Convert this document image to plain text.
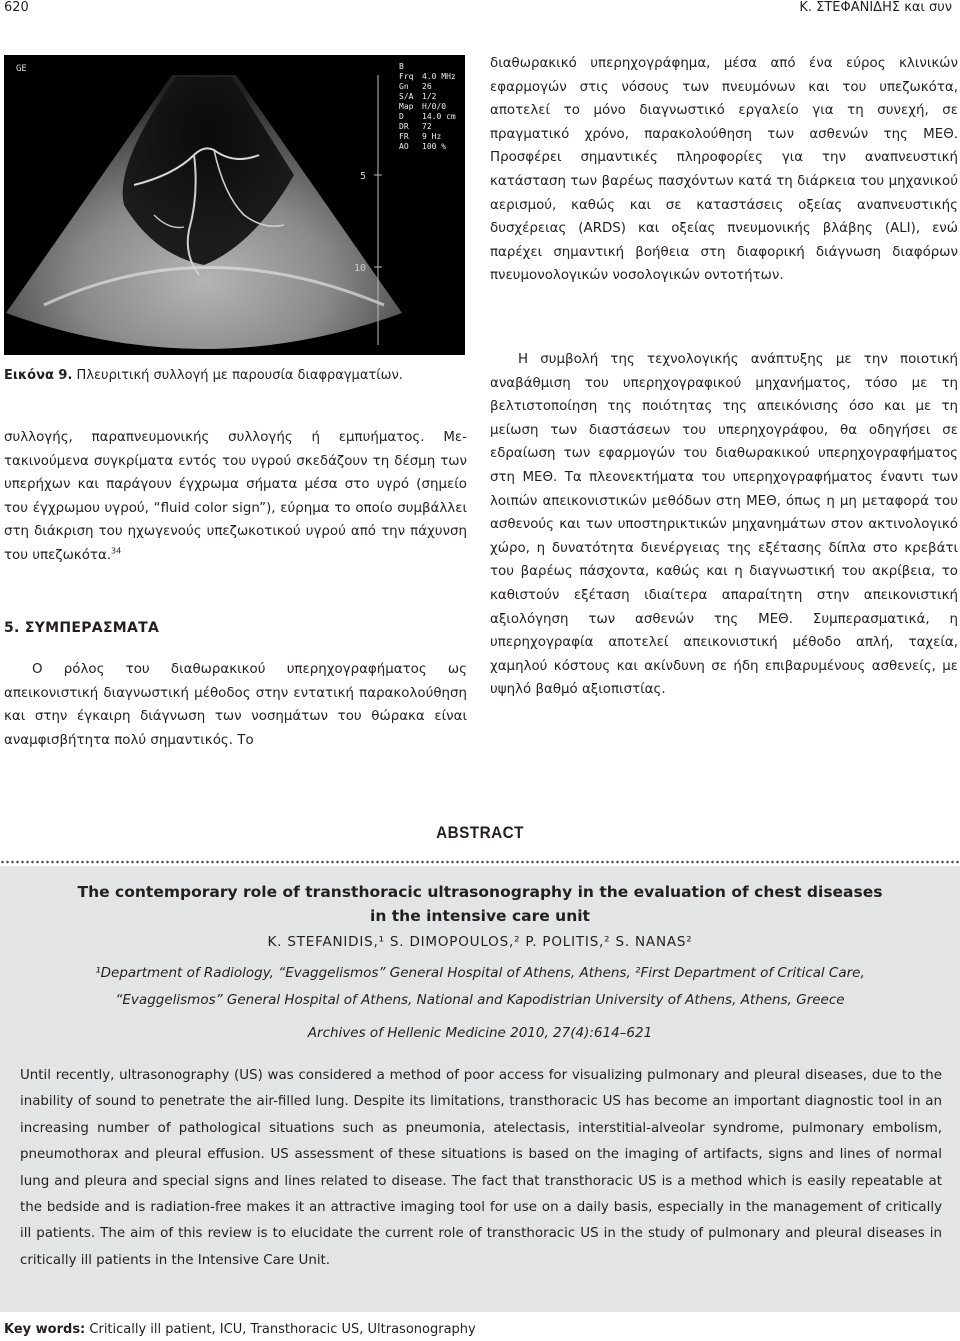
620	Κ. ΣΤΕΦΑΝΙΔΗΣ και συν
GE
5
10
B
Frq
Gn
S/A
Map
D
DR
FR
AO
4.0 MHz
26
1/2
H/0/0
14.0 cm
72
9 Hz
100 %
Εικόνα 9. Πλευριτική συλλογή με παρουσία διαφραγματίων.

συλλογής, παραπνευμονικής συλλογής ή εμπυήματος. Μετακινούμενα συγκρίματα εντός του υγρού σκεδάζουν τη δέσμη των υπερήχων και παράγουν έγχρωμα σήματα μέσα στο υγρό (σημείο του έγχρωμου υγρού, “fluid color sign”), εύρημα το οποίο συμβάλλει στη διάκριση του ηχωγενούς υπεζωκοτικού υγρού από την πάχυνση του υπεζωκότα.$^{34}$

5. ΣΥΜΠΕΡΑΣΜΑΤΑ

Ο ρόλος του διαθωρακικού υπερηχογραφήματος ως απεικονιστική διαγνωστική μέθοδος στην εντατική παρακολούθηση και στην έγκαιρη διάγνωση των νοσημάτων του θώρακα είναι αναμφισβήτητα πολύ σημαντικός. Το

διαθωρακικό υπερηχογράφημα, μέσα από ένα εύρος κλινικών εφαρμογών στις νόσους των πνευμόνων και του υπεζωκότα, αποτελεί το μόνο διαγνωστικό εργαλείο για τη συνεχή, σε πραγματικό χρόνο, παρακολούθηση των ασθενών της ΜΕΘ. Προσφέρει σημαντικές πληροφορίες για την αναπνευστική κατάσταση των βαρέως πασχόντων κατά τη διάρκεια του μηχανικού αερισμού, καθώς και σε καταστάσεις οξείας αναπνευστικής δυσχέρειας (ARDS) και οξείας πνευμονικής βλάβης (ALI), ενώ παρέχει σημαντική βοήθεια στη διαφορική διάγνωση διαφόρων πνευμονολογικών νοσολογικών οντοτήτων.

Η συμβολή της τεχνολογικής ανάπτυξης με την ποιοτική αναβάθμιση του υπερηχογραφικού μηχανήματος, τόσο με τη βελτιστοποίηση της ποιότητας της απεικόνισης όσο και με τη μείωση των διαστάσεων του υπερηχογράφου, θα οδηγήσει σε εδραίωση των εφαρμογών του διαθωρακικού υπερηχογραφήματος στη ΜΕΘ. Τα πλεονεκτήματα του υπερηχογραφήματος έναντι των λοιπών απεικονιστικών μεθόδων στη ΜΕΘ, όπως η μη μεταφορά του ασθενούς και των υποστηρικτικών μηχανημάτων στον ακτινολογικό χώρο, η δυνατότητα διενέργειας της εξέτασης δίπλα στο κρεβάτι του βαρέως πάσχοντα, καθώς και η διαγνωστική του ακρίβεια, το καθιστούν εξέταση ιδιαίτερα απαραίτητη στην απεικονιστική αξιολόγηση των ασθενών της ΜΕΘ. Συμπερασματικά, η υπερηχογραφία αποτελεί απεικονιστική μέθοδο απλή, ταχεία, χαμηλού κόστους και ακίνδυνη σε ήδη επιβαρυμένους ασθενείς, με υψηλό βαθμό αξιοπιστίας.

ABSTRACT
The contemporary role of transthoracic ultrasonography in the evaluation of chest diseases
in the intensive care unit
K. STEFANIDIS,¹ S. DIMOPOULOS,² P. POLITIS,² S. NANAS²
¹Department of Radiology, “Evaggelismos” General Hospital of Athens, Athens, ²First Department of Critical Care,
“Evaggelismos” General Hospital of Athens, National and Kapodistrian University of Athens, Athens, Greece
Archives of Hellenic Medicine 2010, 27(4):614–621
Until recently, ultrasonography (US) was considered a method of poor access for visualizing pulmonary and pleural diseases, due to the inability of sound to penetrate the air-filled lung. Despite its limitations, transthoracic US has become an important diagnostic tool in an increasing number of pathological situations such as pneumonia, atelectasis, interstitial-alveolar syndrome, pulmonary embolism, pneumothorax and pleural effusion. US assessment of these situations is based on the imaging of artifacts, signs and lines of normal lung and pleura and special signs and lines related to disease. The fact that transthoracic US is a method which is easily repeatable at the bedside and is radiation-free makes it an attractive imaging tool for use on a daily basis, especially in the management of critically ill patients. The aim of this review is to elucidate the current role of transthoracic US in the study of pulmonary and pleural diseases in critically ill patients in the Intensive Care Unit.
Key words: Critically ill patient, ICU, Transthoracic US, Ultrasonography
